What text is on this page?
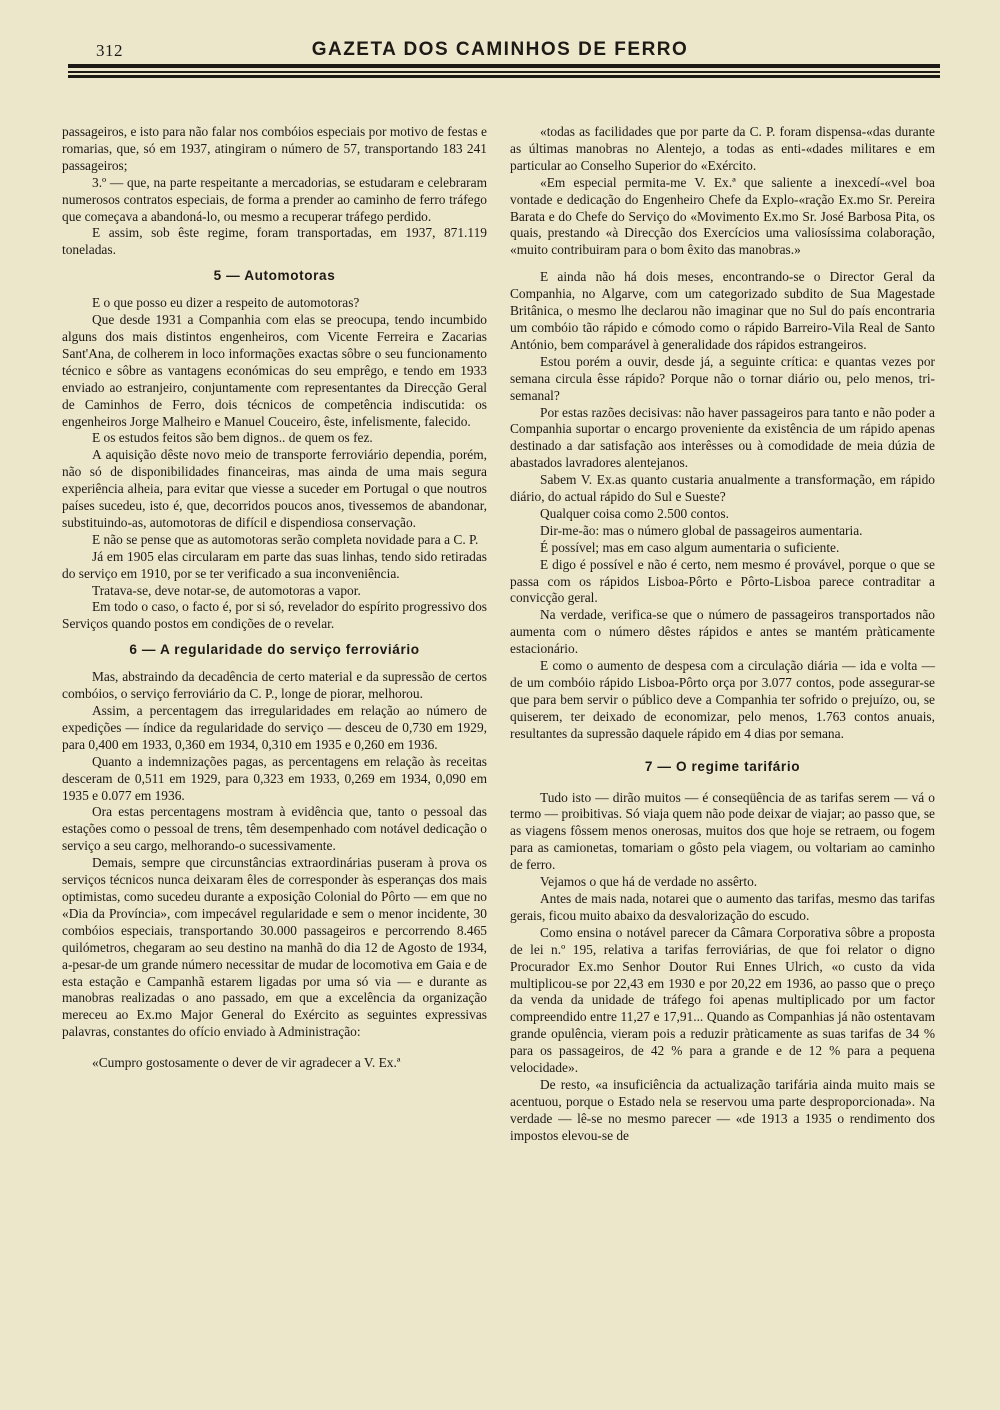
312	GAZETA DOS CAMINHOS DE FERRO

passageiros, e isto para não falar nos combóios especiais por motivo de festas e romarias, que, só em 1937, atingiram o número de 57, transportando 183 241 passageiros;

3.º — que, na parte respeitante a mercadorias, se estudaram e celebraram numerosos contratos especiais, de forma a prender ao caminho de ferro tráfego que começava a abandoná-lo, ou mesmo a recuperar tráfego perdido.

E assim, sob êste regime, foram transportadas, em 1937, 871.119 toneladas.

5 — Automotoras

E o que posso eu dizer a respeito de automotoras?

Que desde 1931 a Companhia com elas se preocupa, tendo incumbido alguns dos mais distintos engenheiros, com Vicente Ferreira e Zacarias Sant'Ana, de colherem in loco informações exactas sôbre o seu funcionamento técnico e sôbre as vantagens económicas do seu emprêgo, e tendo em 1933 enviado ao estranjeiro, conjuntamente com representantes da Direcção Geral de Caminhos de Ferro, dois técnicos de competência indiscutida: os engenheiros Jorge Malheiro e Manuel Couceiro, êste, infelismente, falecido.

E os estudos feitos são bem dignos.. de quem os fez.

A aquisição dêste novo meio de transporte ferroviário dependia, porém, não só de disponibilidades financeiras, mas ainda de uma mais segura experiência alheia, para evitar que viesse a suceder em Portugal o que noutros países sucedeu, isto é, que, decorridos poucos anos, tivessemos de abandonar, substituindo-as, automotoras de difícil e dispendiosa conservação.

E não se pense que as automotoras serão completa novidade para a C. P.

Já em 1905 elas circularam em parte das suas linhas, tendo sido retiradas do serviço em 1910, por se ter verificado a sua inconveniência.

Tratava-se, deve notar-se, de automotoras a vapor.

Em todo o caso, o facto é, por si só, revelador do espírito progressivo dos Serviços quando postos em condições de o revelar.

6 — A regularidade do serviço ferroviário

Mas, abstraindo da decadência de certo material e da supressão de certos combóios, o serviço ferroviário da C. P., longe de piorar, melhorou.

Assim, a percentagem das irregularidades em relação ao número de expedições — índice da regularidade do serviço — desceu de 0,730 em 1929, para 0,400 em 1933, 0,360 em 1934, 0,310 em 1935 e 0,260 em 1936.

Quanto a indemnizações pagas, as percentagens em relação às receitas desceram de 0,511 em 1929, para 0,323 em 1933, 0,269 em 1934, 0,090 em 1935 e 0.077 em 1936.

Ora estas percentagens mostram à evidência que, tanto o pessoal das estações como o pessoal de trens, têm desempenhado com notável dedicação o serviço a seu cargo, melhorando-o sucessivamente.

Demais, sempre que circunstâncias extraordinárias puseram à prova os serviços técnicos nunca deixaram êles de corresponder às esperanças dos mais optimistas, como sucedeu durante a exposição Colonial do Pôrto — em que no «Dia da Província», com impecável regularidade e sem o menor incidente, 30 combóios especiais, transportando 30.000 passageiros e percorrendo 8.465 quilómetros, chegaram ao seu destino na manhã do dia 12 de Agosto de 1934, a-pesar-de um grande número necessitar de mudar de locomotiva em Gaia e de esta estação e Campanhã estarem ligadas por uma só via — e durante as manobras realizadas o ano passado, em que a excelência da organização mereceu ao Ex.mo Major General do Exército as seguintes expressivas palavras, constantes do ofício enviado à Administração:

«Cumpro gostosamente o dever de vir agradecer a V. Ex.ª

«todas as facilidades que por parte da C. P. foram dispensa-«das durante as últimas manobras no Alentejo, a todas as enti-«dades militares e em particular ao Conselho Superior do «Exército.

«Em especial permita-me V. Ex.ª que saliente a inexcedí-«vel boa vontade e dedicação do Engenheiro Chefe da Explo-«ração Ex.mo Sr. Pereira Barata e do Chefe do Serviço do «Movimento Ex.mo Sr. José Barbosa Pita, os quais, prestando «à Direcção dos Exercícios uma valiosíssima colaboração, «muito contribuiram para o bom êxito das manobras.»

E ainda não há dois meses, encontrando-se o Director Geral da Companhia, no Algarve, com um categorizado subdito de Sua Magestade Britânica, o mesmo lhe declarou não imaginar que no Sul do país encontraria um combóio tão rápido e cómodo como o rápido Barreiro-Vila Real de Santo António, bem comparável à generalidade dos rápidos estrangeiros.

Estou porém a ouvir, desde já, a seguinte crítica: e quantas vezes por semana circula êsse rápido? Porque não o tornar diário ou, pelo menos, tri-semanal?

Por estas razões decisivas: não haver passageiros para tanto e não poder a Companhia suportar o encargo proveniente da existência de um rápido apenas destinado a dar satisfação aos interêsses ou à comodidade de meia dúzia de abastados lavradores alentejanos.

Sabem V. Ex.as quanto custaria anualmente a transformação, em rápido diário, do actual rápido do Sul e Sueste?

Qualquer coisa como 2.500 contos.

Dir-me-ão: mas o número global de passageiros aumentaria.

É possível; mas em caso algum aumentaria o suficiente.

E digo é possível e não é certo, nem mesmo é provável, porque o que se passa com os rápidos Lisboa-Pôrto e Pôrto-Lisboa parece contraditar a convicção geral.

Na verdade, verifica-se que o número de passageiros transportados não aumenta com o número dêstes rápidos e antes se mantém pràticamente estacionário.

E como o aumento de despesa com a circulação diária — ida e volta — de um combóio rápido Lisboa-Pôrto orça por 3.077 contos, pode assegurar-se que para bem servir o público deve a Companhia ter sofrido o prejuízo, ou, se quiserem, ter deixado de economizar, pelo menos, 1.763 contos anuais, resultantes da supressão daquele rápido em 4 dias por semana.

7 — O regime tarifário

Tudo isto — dirão muitos — é conseqüência de as tarifas serem — vá o termo — proibitivas. Só viaja quem não pode deixar de viajar; ao passo que, se as viagens fôssem menos onerosas, muitos dos que hoje se retraem, ou fogem para as camionetas, tomariam o gôsto pela viagem, ou voltariam ao caminho de ferro.

Vejamos o que há de verdade no assêrto.

Antes de mais nada, notarei que o aumento das tarifas, mesmo das tarifas gerais, ficou muito abaixo da desvalorização do escudo.

Como ensina o notável parecer da Câmara Corporativa sôbre a proposta de lei n.º 195, relativa a tarifas ferroviárias, de que foi relator o digno Procurador Ex.mo Senhor Doutor Rui Ennes Ulrich, «o custo da vida multiplicou-se por 22,43 em 1930 e por 20,22 em 1936, ao passo que o preço da venda da unidade de tráfego foi apenas multiplicado por um factor compreendido entre 11,27 e 17,91... Quando as Companhias já não ostentavam grande opulência, vieram pois a reduzir pràticamente as suas tarifas de 34 % para os passageiros, de 42 % para a grande e de 12 % para a pequena velocidade».

De resto, «a insuficiência da actualização tarifária ainda muito mais se acentuou, porque o Estado nela se reservou uma parte desproporcionada». Na verdade — lê-se no mesmo parecer — «de 1913 a 1935 o rendimento dos impostos elevou-se de
